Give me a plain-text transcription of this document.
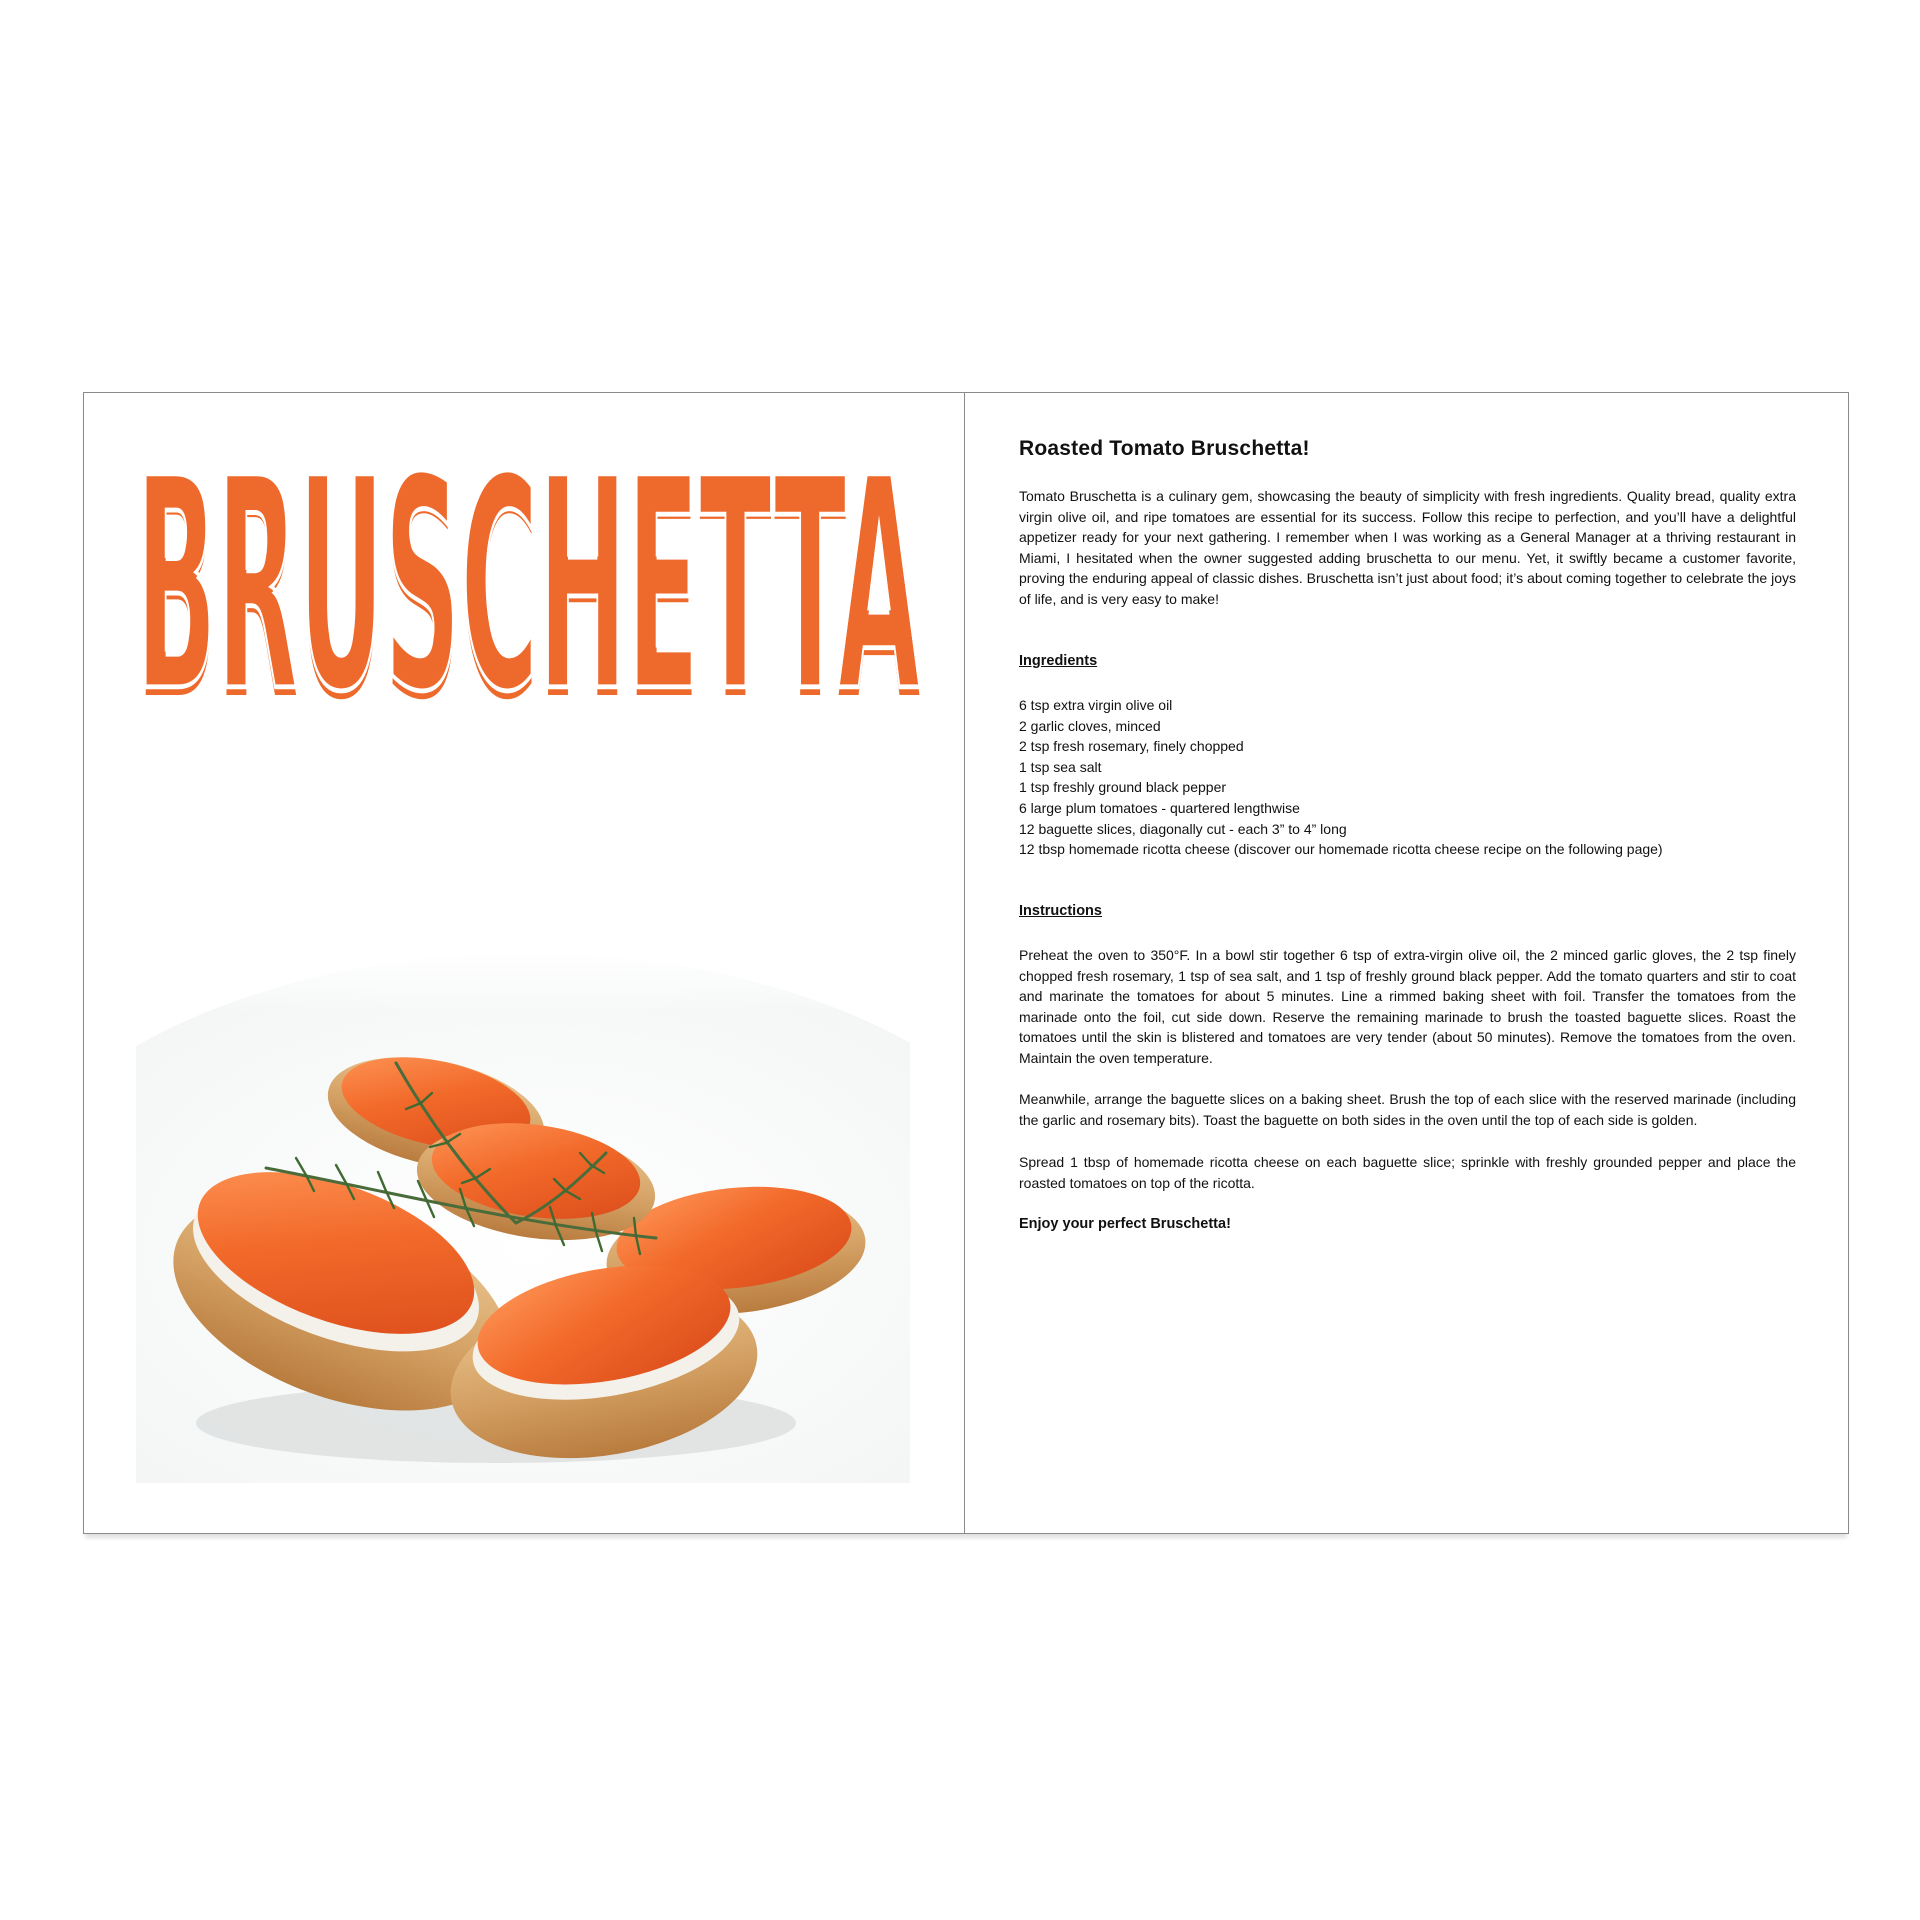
BRUSCHETTA
BRUSCHETTA	Roasted Tomato Bruschetta!

Tomato Bruschetta is a culinary gem, showcasing the beauty of simplicity with fresh ingredients. Quality bread, quality extra virgin olive oil, and ripe tomatoes are essential for its success. Follow this recipe to perfection, and you’ll have a delightful appetizer ready for your next gathering. I remember when I was working as a General Manager at a thriving restaurant in Miami, I hesitated when the owner suggested adding bruschetta to our menu. Yet, it swiftly became a customer favorite, proving the enduring appeal of classic dishes. Bruschetta isn’t just about food; it’s about coming together to celebrate the joys of life, and is very easy to make!

Ingredients
6 tsp extra virgin olive oil
2 garlic cloves, minced
2 tsp fresh rosemary, finely chopped
1 tsp sea salt
1 tsp freshly ground black pepper
6 large plum tomatoes - quartered lengthwise
12 baguette slices, diagonally cut - each 3” to 4” long
12 tbsp homemade ricotta cheese (discover our homemade ricotta cheese recipe on the following page)
Instructions

Preheat the oven to 350°F. In a bowl stir together 6 tsp of extra-virgin olive oil, the 2 minced garlic gloves, the 2 tsp finely chopped fresh rosemary, 1 tsp of sea salt, and 1 tsp of freshly ground black pepper. Add the tomato quarters and stir to coat and marinate the tomatoes for about 5 minutes. Line a rimmed baking sheet with foil. Transfer the tomatoes from the marinade onto the foil, cut side down. Reserve the remaining marinade to brush the toasted baguette slices. Roast the tomatoes until the skin is blistered and tomatoes are very tender (about 50 minutes). Remove the tomatoes from the oven. Maintain the oven temperature.

Meanwhile, arrange the baguette slices on a baking sheet. Brush the top of each slice with the reserved marinade (including the garlic and rosemary bits). Toast the baguette on both sides in the oven until the top of each side is golden.

Spread 1 tbsp of homemade ricotta cheese on each baguette slice; sprinkle with freshly grounded pepper and place the roasted tomatoes on top of the ricotta.

Enjoy your perfect Bruschetta!
